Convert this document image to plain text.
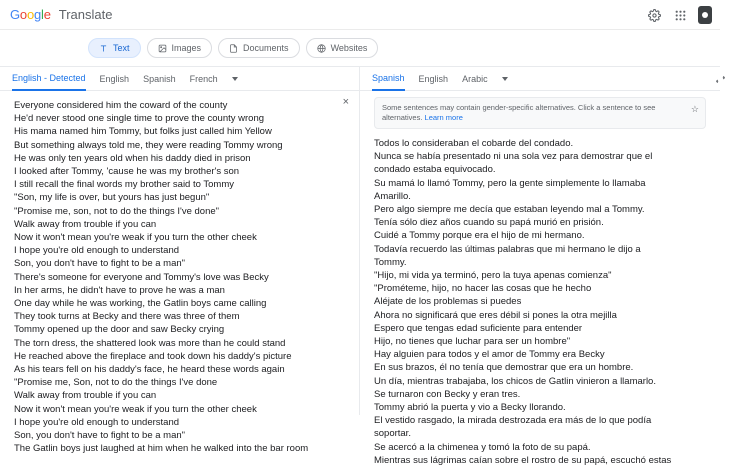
Google Translate
Text	Images	Documents	Websites
English - Detected English Spanish French
×
Everyone considered him the coward of the county
He'd never stood one single time to prove the county wrong
His mama named him Tommy, but folks just called him Yellow
But something always told me, they were reading Tommy wrong
He was only ten years old when his daddy died in prison
I looked after Tommy, 'cause he was my brother's son
I still recall the final words my brother said to Tommy
"Son, my life is over, but yours has just begun"
"Promise me, son, not to do the things I've done"
Walk away from trouble if you can
Now it won't mean you're weak if you turn the other cheek
I hope you're old enough to understand
Son, you don't have to fight to be a man"
There's someone for everyone and Tommy's love was Becky
In her arms, he didn't have to prove he was a man
One day while he was working, the Gatlin boys came calling
They took turns at Becky and there was three of them
Tommy opened up the door and saw Becky crying
The torn dress, the shattered look was more than he could stand
He reached above the fireplace and took down his daddy's picture
As his tears fell on his daddy's face, he heard these words again
"Promise me, Son, not to do the things I've done
Walk away from trouble if you can
Now it won't mean you're weak if you turn the other cheek
I hope you're old enough to understand
Son, you don't have to fight to be a man"
The Gatlin boys just laughed at him when he walked into the bar room
Spanish English Arabic
Some sentences may contain gender-specific alternatives. Click a sentence to see alternatives. Learn more
☆
Todos lo consideraban el cobarde del condado.
Nunca se había presentado ni una sola vez para demostrar que el
condado estaba equivocado.
Su mamá lo llamó Tommy, pero la gente simplemente lo llamaba
Amarillo.
Pero algo siempre me decía que estaban leyendo mal a Tommy.
Tenía sólo diez años cuando su papá murió en prisión.
Cuidé a Tommy porque era el hijo de mi hermano.
Todavía recuerdo las últimas palabras que mi hermano le dijo a
Tommy.
"Hijo, mi vida ya terminó, pero la tuya apenas comienza"
"Prométeme, hijo, no hacer las cosas que he hecho
Aléjate de los problemas si puedes
Ahora no significará que eres débil si pones la otra mejilla
Espero que tengas edad suficiente para entender
Hijo, no tienes que luchar para ser un hombre"
Hay alguien para todos y el amor de Tommy era Becky
En sus brazos, él no tenía que demostrar que era un hombre.
Un día, mientras trabajaba, los chicos de Gatlin vinieron a llamarlo.
Se turnaron con Becky y eran tres.
Tommy abrió la puerta y vio a Becky llorando.
El vestido rasgado, la mirada destrozada era más de lo que podía
soportar.
Se acercó a la chimenea y tomó la foto de su papá.
Mientras sus lágrimas caían sobre el rostro de su papá, escuchó estas
